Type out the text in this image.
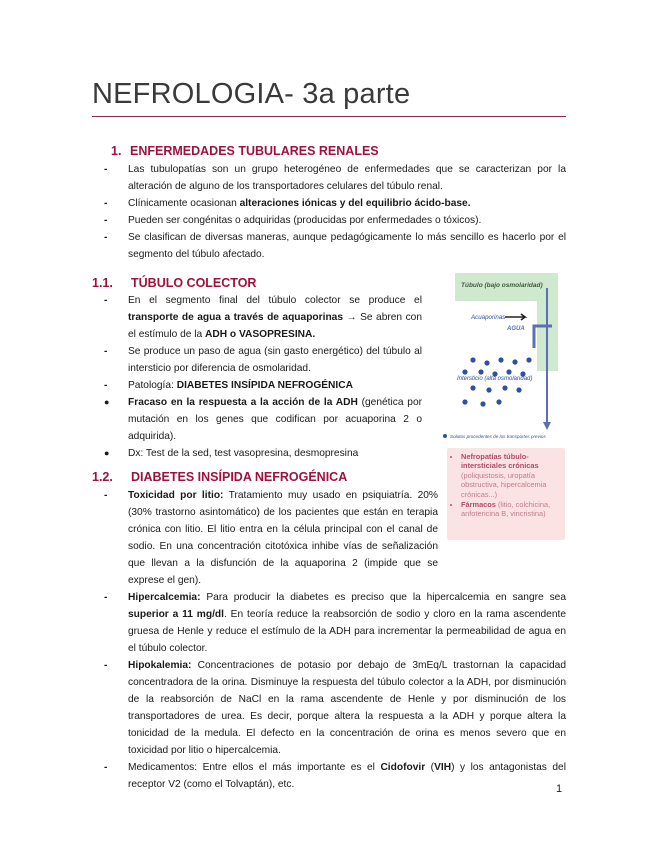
NEFROLOGIA- 3a parte
1. ENFERMEDADES TUBULARES RENALES
- Las tubulopatías son un grupo heterogéneo de enfermedades que se caracterizan por la alteración de alguno de los transportadores celulares del túbulo renal.
- Clínicamente ocasionan alteraciones iónicas y del equilibrio ácido-base.
- Pueden ser congénitas o adquiridas (producidas por enfermedades o tóxicos).
- Se clasifican de diversas maneras, aunque pedagógicamente lo más sencillo es hacerlo por el segmento del túbulo afectado.
1.1. TÚBULO COLECTOR
- En el segmento final del túbulo colector se produce el transporte de agua a través de aquaporinas → Se abren con el estímulo de la ADH o VASOPRESINA.
- Se produce un paso de agua (sin gasto energético) del túbulo al intersticio por diferencia de osmolaridad.
- Patología: DIABETES INSÍPIDA NEFROGÉNICA
● Fracaso en la respuesta a la acción de la ADH (genética por mutación en los genes que codifican por acuaporina 2 o adquirida).
● Dx: Test de la sed, test vasopresina, desmopresina
Túbulo (bajo osmolaridad)
Acuaporinas
AGUA
Intersticio (alta osmolaridad)
Solutos procedentes de los transportes previos
1.2. DIABETES INSÍPIDA NEFROGÉNICA
- Toxicidad por litio: Tratamiento muy usado en psiquiatría. 20% (30% trastorno asintomático) de los pacientes que están en terapia crónica con litio. El litio entra en la célula principal con el canal de sodio. En una concentración citotóxica inhibe vías de señalización que llevan a la disfunción de la aquaporina 2 (impide que se exprese el gen).
- Hipercalcemia: Para producir la diabetes es preciso que la hipercalcemia en sangre sea superior a 11 mg/dl. En teoría reduce la reabsorción de sodio y cloro en la rama ascendente gruesa de Henle y reduce el estímulo de la ADH para incrementar la permeabilidad de agua en el túbulo colector.
- Hipokalemia: Concentraciones de potasio por debajo de 3mEq/L trastornan la capacidad concentradora de la orina. Disminuye la respuesta del túbulo colector a la ADH, por disminución de la reabsorción de NaCl en la rama ascendente de Henle y por disminución de los transportadores de urea. Es decir, porque altera la respuesta a la ADH y porque altera la tonicidad de la medula. El defecto en la concentración de orina es menos severo que en toxicidad por litio o hipercalcemia.
- Medicamentos: Entre ellos el más importante es el Cidofovir (VIH) y los antagonistas del receptor V2 (como el Tolvaptán), etc.
• Nefropatías túbulo-intersticiales crónicas (poliquistosis, uropatía obstructiva, hipercalcemia crónicas...)
• Fármacos (litio, colchicina, anfotericina B, vincristina)
1
